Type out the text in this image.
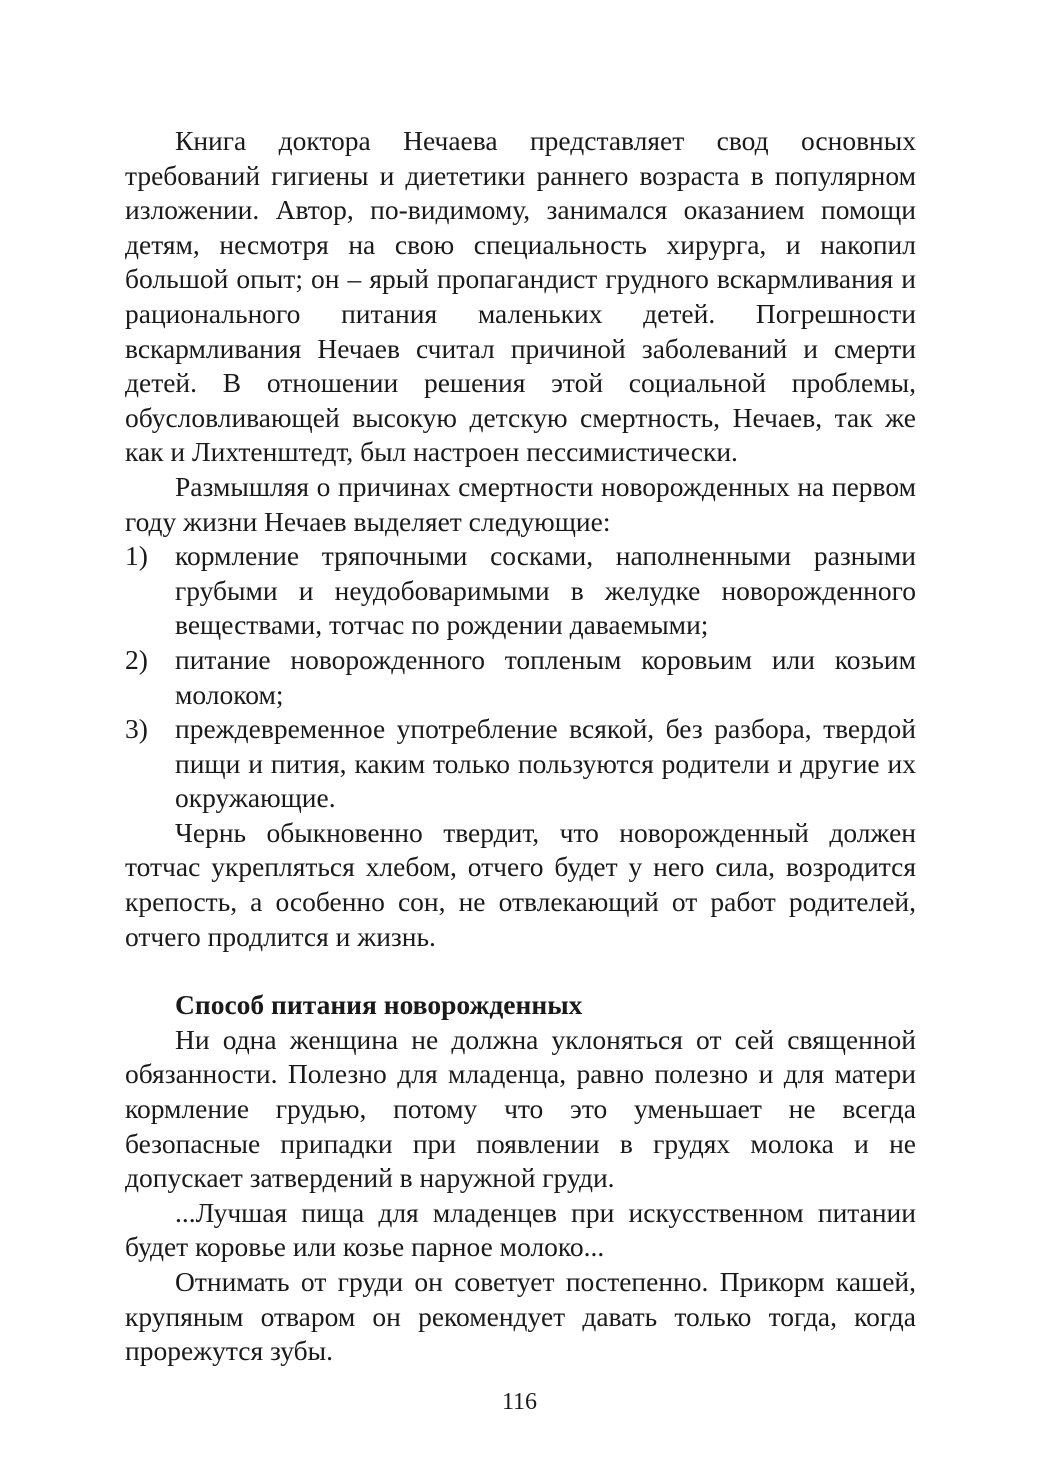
Книга доктора Нечаева представляет свод основных требований гигиены и диететики раннего возраста в популярном изложении. Автор, по-видимому, занимался оказанием помощи детям, несмотря на свою специальность хирурга, и накопил большой опыт; он – ярый пропагандист грудного вскармливания и рационального питания маленьких детей. Погрешности вскармливания Нечаев считал причиной заболеваний и смерти детей. В отношении решения этой социальной проблемы, обусловливающей высокую детскую смертность, Нечаев, так же как и Лихтенштедт, был настроен пессимистически.

Размышляя о причинах смертности новорожденных на первом году жизни Нечаев выделяет следующие:

1) кормление тряпочными сосками, наполненными разными грубыми и неудобоваримыми в желудке новорожденного веществами, тотчас по рождении даваемыми;
2) питание новорожденного топленым коровьим или козьим молоком;
3) преждевременное употребление всякой, без разбора, твердой пищи и пития, каким только пользуются родители и другие их окружающие.

Чернь обыкновенно твердит, что новорожденный должен тотчас укрепляться хлебом, отчего будет у него сила, возродится крепость, а особенно сон, не отвлекающий от работ родителей, отчего продлится и жизнь.

Способ питания новорожденных

Ни одна женщина не должна уклоняться от сей священной обязанности. Полезно для младенца, равно полезно и для матери кормление грудью, потому что это уменьшает не всегда безопасные припадки при появлении в грудях молока и не допускает затвердений в наружной груди.

...Лучшая пища для младенцев при искусственном питании будет коровье или козье парное молоко...

Отнимать от груди он советует постепенно. Прикорм кашей, крупяным отваром он рекомендует давать только тогда, когда прорежутся зубы.

116
